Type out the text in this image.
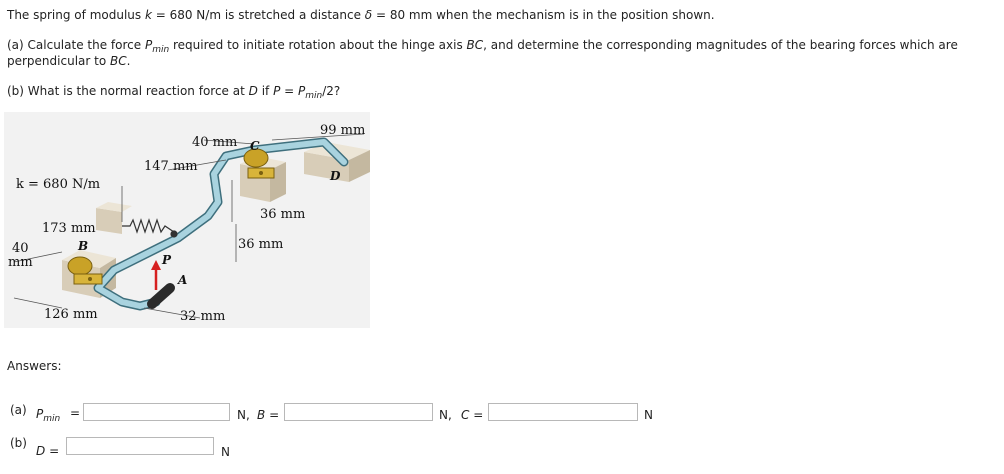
The spring of modulus k = 680 N/m is stretched a distance δ = 80 mm when the mechanism is in the position shown.
(a) Calculate the force $P_{min}$ required to initiate rotation about the hinge axis BC, and determine the corresponding magnitudes of the bearing forces which are
perpendicular to BC.
(b) What is the normal reaction force at D if $P = P_{min}/2$?
99 mm
40 mm
147 mm
k = 680 N/m
36 mm
173 mm
36 mm
40
mm
126 mm	32 mm
B
C
D
P
A
Answers:
(a) $P_{min}$ =	N, B =	N, C =	N
(b)
D =	N
